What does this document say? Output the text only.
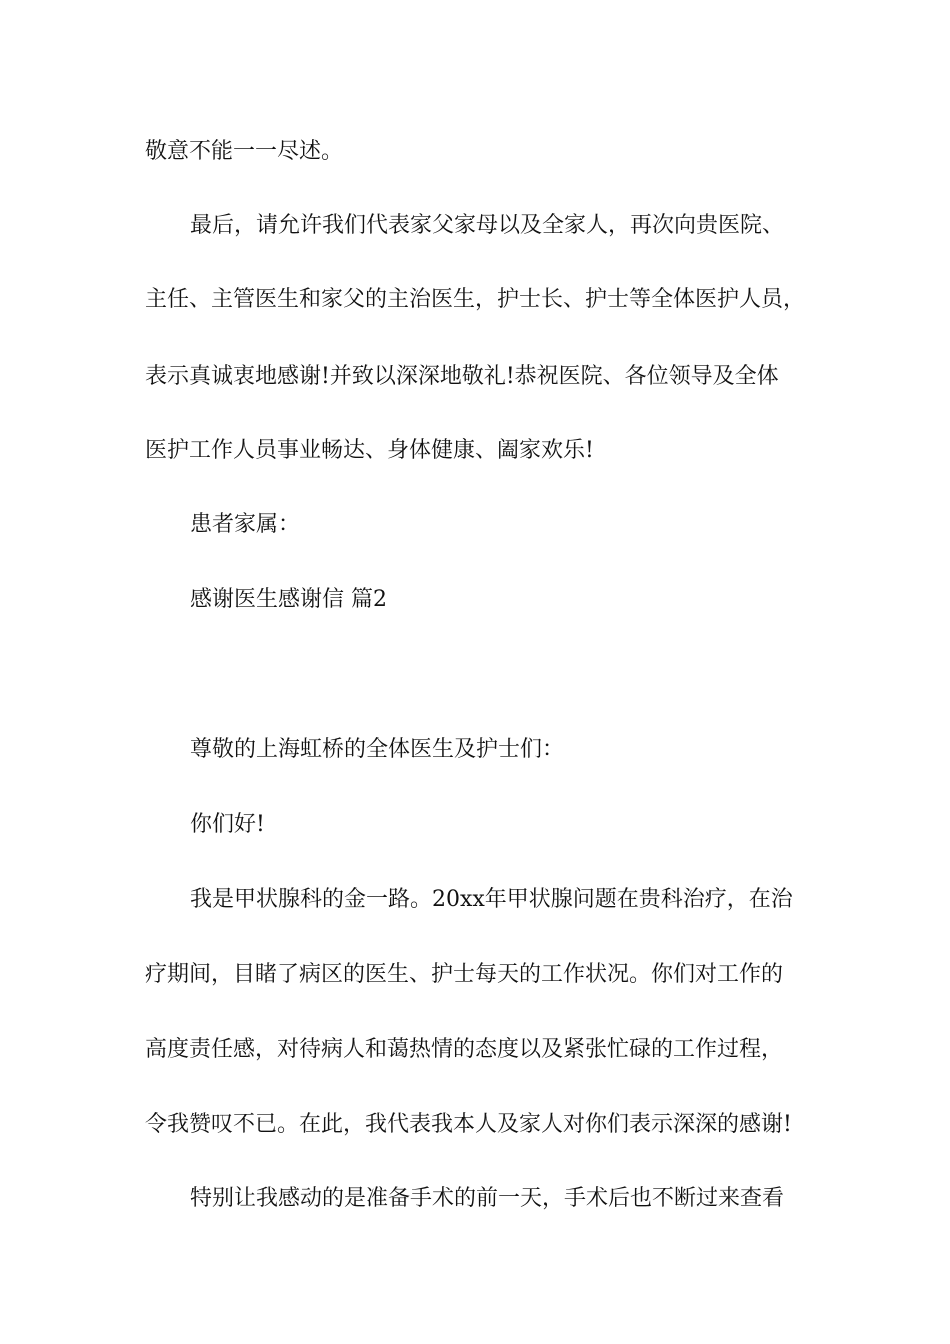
敬意不能一一尽述。
最后，请允许我们代表家父家母以及全家人，再次向贵医院、
主任、主管医生和家父的主治医生，护士长、护士等全体医护人员，
表示真诚衷地感谢!并致以深深地敬礼!恭祝医院、各位领导及全体
医护工作人员事业畅达、身体健康、阖家欢乐!
患者家属：
感谢医生感谢信 篇2
尊敬的上海虹桥的全体医生及护士们：
你们好!
我是甲状腺科的金一路。20xx年甲状腺问题在贵科治疗，在治
疗期间，目睹了病区的医生、护士每天的工作状况。你们对工作的
高度责任感，对待病人和蔼热情的态度以及紧张忙碌的工作过程，
令我赞叹不已。在此，我代表我本人及家人对你们表示深深的感谢!
特别让我感动的是准备手术的前一天，手术后也不断过来查看
